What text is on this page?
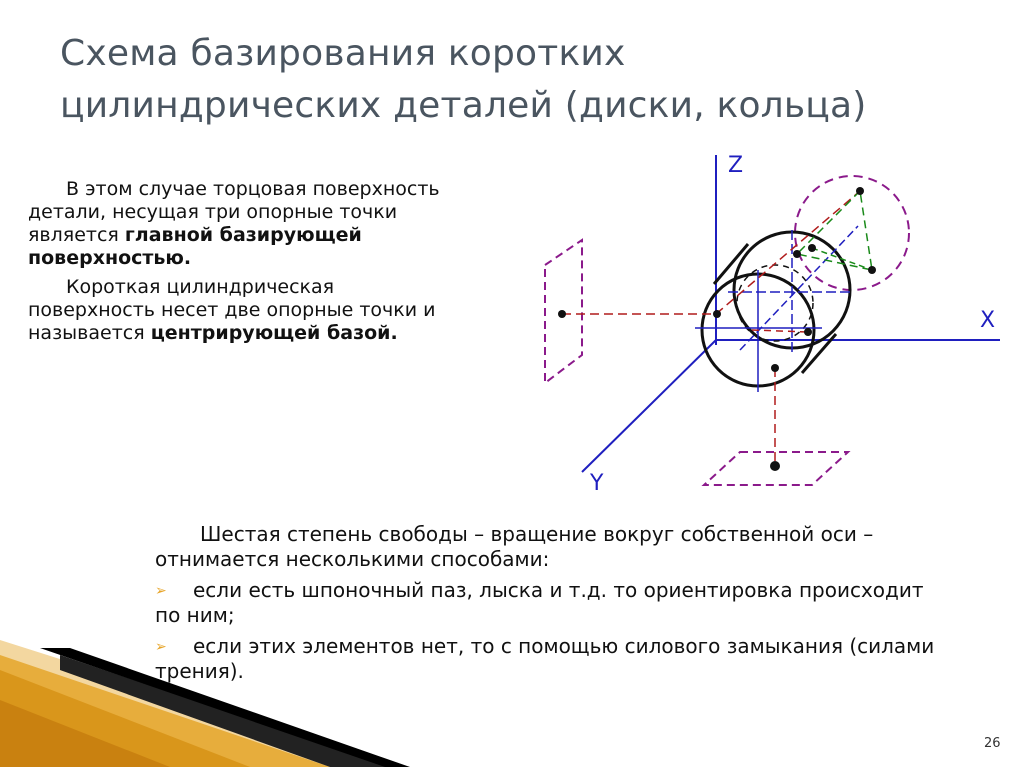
Схема базирования коротких
цилиндрических деталей (диски, кольца)

В этом случае торцовая поверхность детали, несущая три опорные точки является главной базирующей поверхностью.

Короткая цилиндрическая поверхность несет две опорные точки и называется центрирующей базой.

Z
X
Y

Шестая степень свободы – вращение вокруг собственной оси – отнимается несколькими способами:

➢ если есть шпоночный паз, лыска и т.д. то ориентировка происходит по ним;
➢ если этих элементов нет, то с помощью силового замыкания (силами трения).
26
